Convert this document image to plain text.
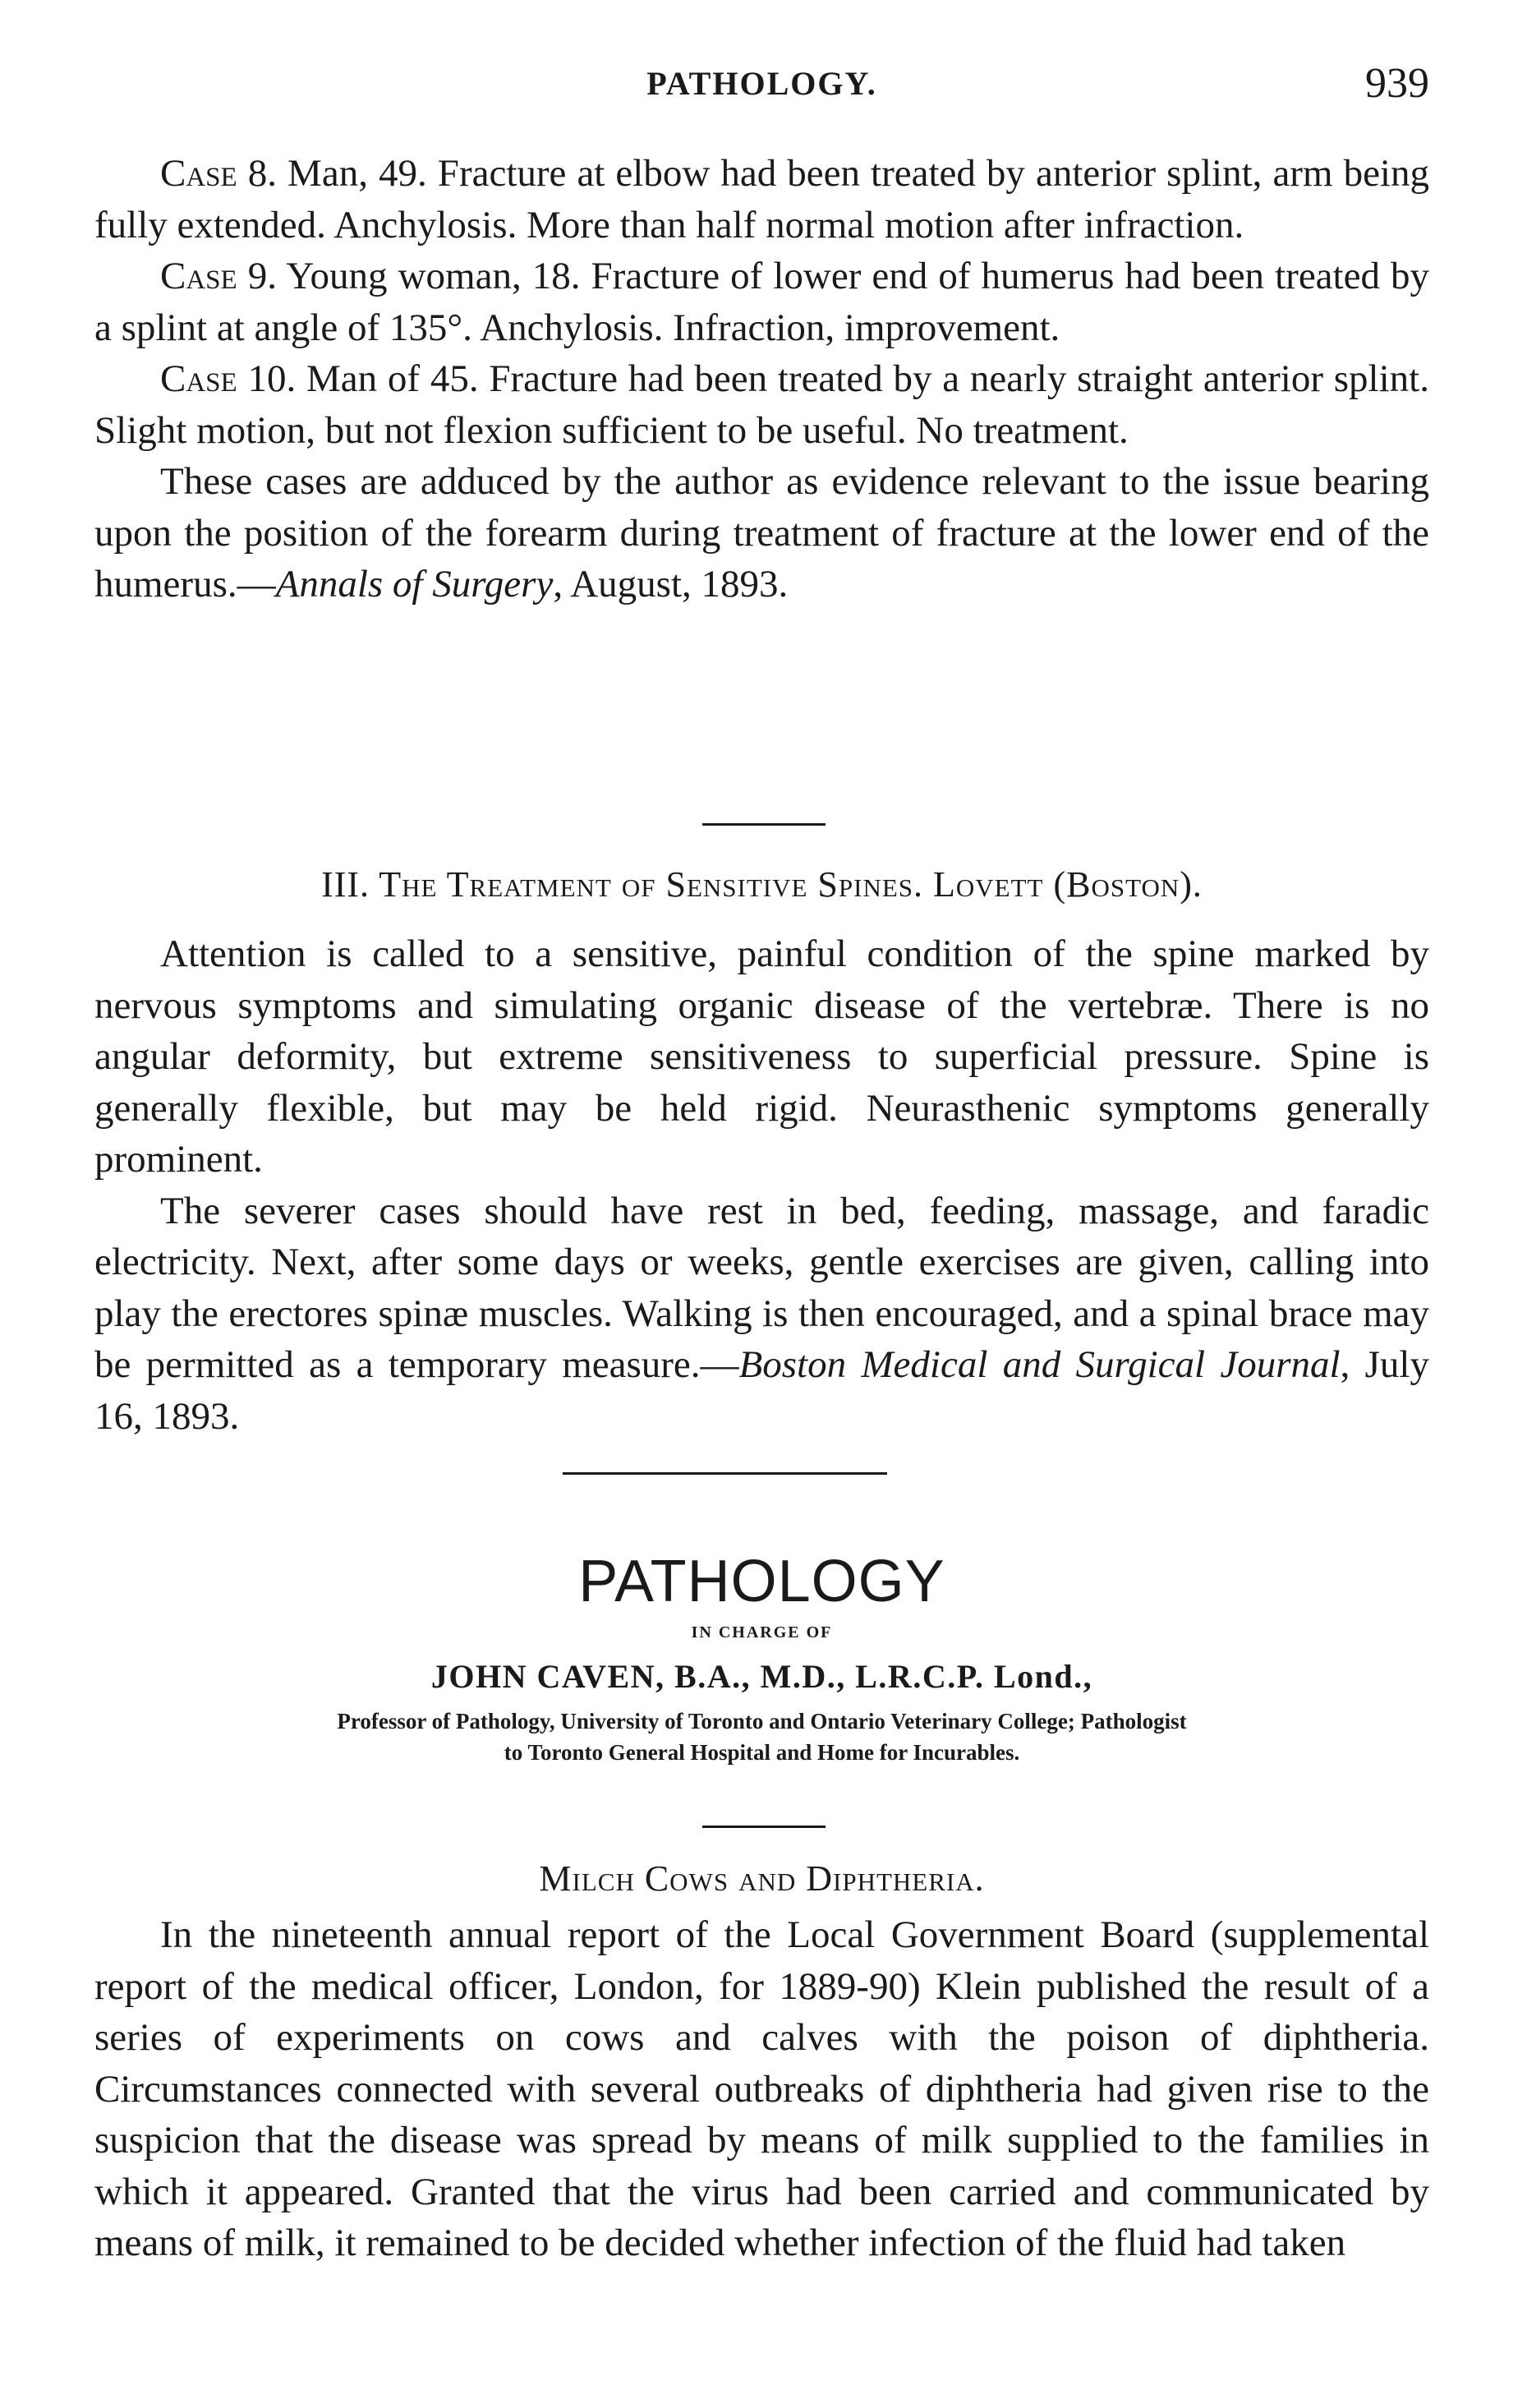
PATHOLOGY.	939

Case 8. Man, 49. Fracture at elbow had been treated by anterior splint, arm being fully extended. Anchylosis. More than half normal motion after infraction.

Case 9. Young woman, 18. Fracture of lower end of humerus had been treated by a splint at angle of 135°. Anchylosis. Infraction, improvement.

Case 10. Man of 45. Fracture had been treated by a nearly straight anterior splint. Slight motion, but not flexion sufficient to be useful. No treatment.

These cases are adduced by the author as evidence relevant to the issue bearing upon the position of the forearm during treatment of fracture at the lower end of the humerus.—Annals of Surgery, August, 1893.

III. The Treatment of Sensitive Spines. Lovett (Boston).

Attention is called to a sensitive, painful condition of the spine marked by nervous symptoms and simulating organic disease of the vertebræ. There is no angular deformity, but extreme sensitiveness to superficial pressure. Spine is generally flexible, but may be held rigid. Neurasthenic symptoms generally prominent.

The severer cases should have rest in bed, feeding, massage, and faradic electricity. Next, after some days or weeks, gentle exercises are given, calling into play the erectores spinæ muscles. Walking is then encouraged, and a spinal brace may be permitted as a temporary measure.—Boston Medical and Surgical Journal, July 16, 1893.

PATHOLOGY

IN CHARGE OF

JOHN CAVEN, B.A., M.D., L.R.C.P. Lond.,

Professor of Pathology, University of Toronto and Ontario Veterinary College; Pathologist

to Toronto General Hospital and Home for Incurables.

Milch Cows and Diphtheria.

In the nineteenth annual report of the Local Government Board (supplemental report of the medical officer, London, for 1889-90) Klein published the result of a series of experiments on cows and calves with the poison of diphtheria. Circumstances connected with several outbreaks of diphtheria had given rise to the suspicion that the disease was spread by means of milk supplied to the families in which it appeared. Granted that the virus had been carried and communicated by means of milk, it remained to be decided whether infection of the fluid had taken
